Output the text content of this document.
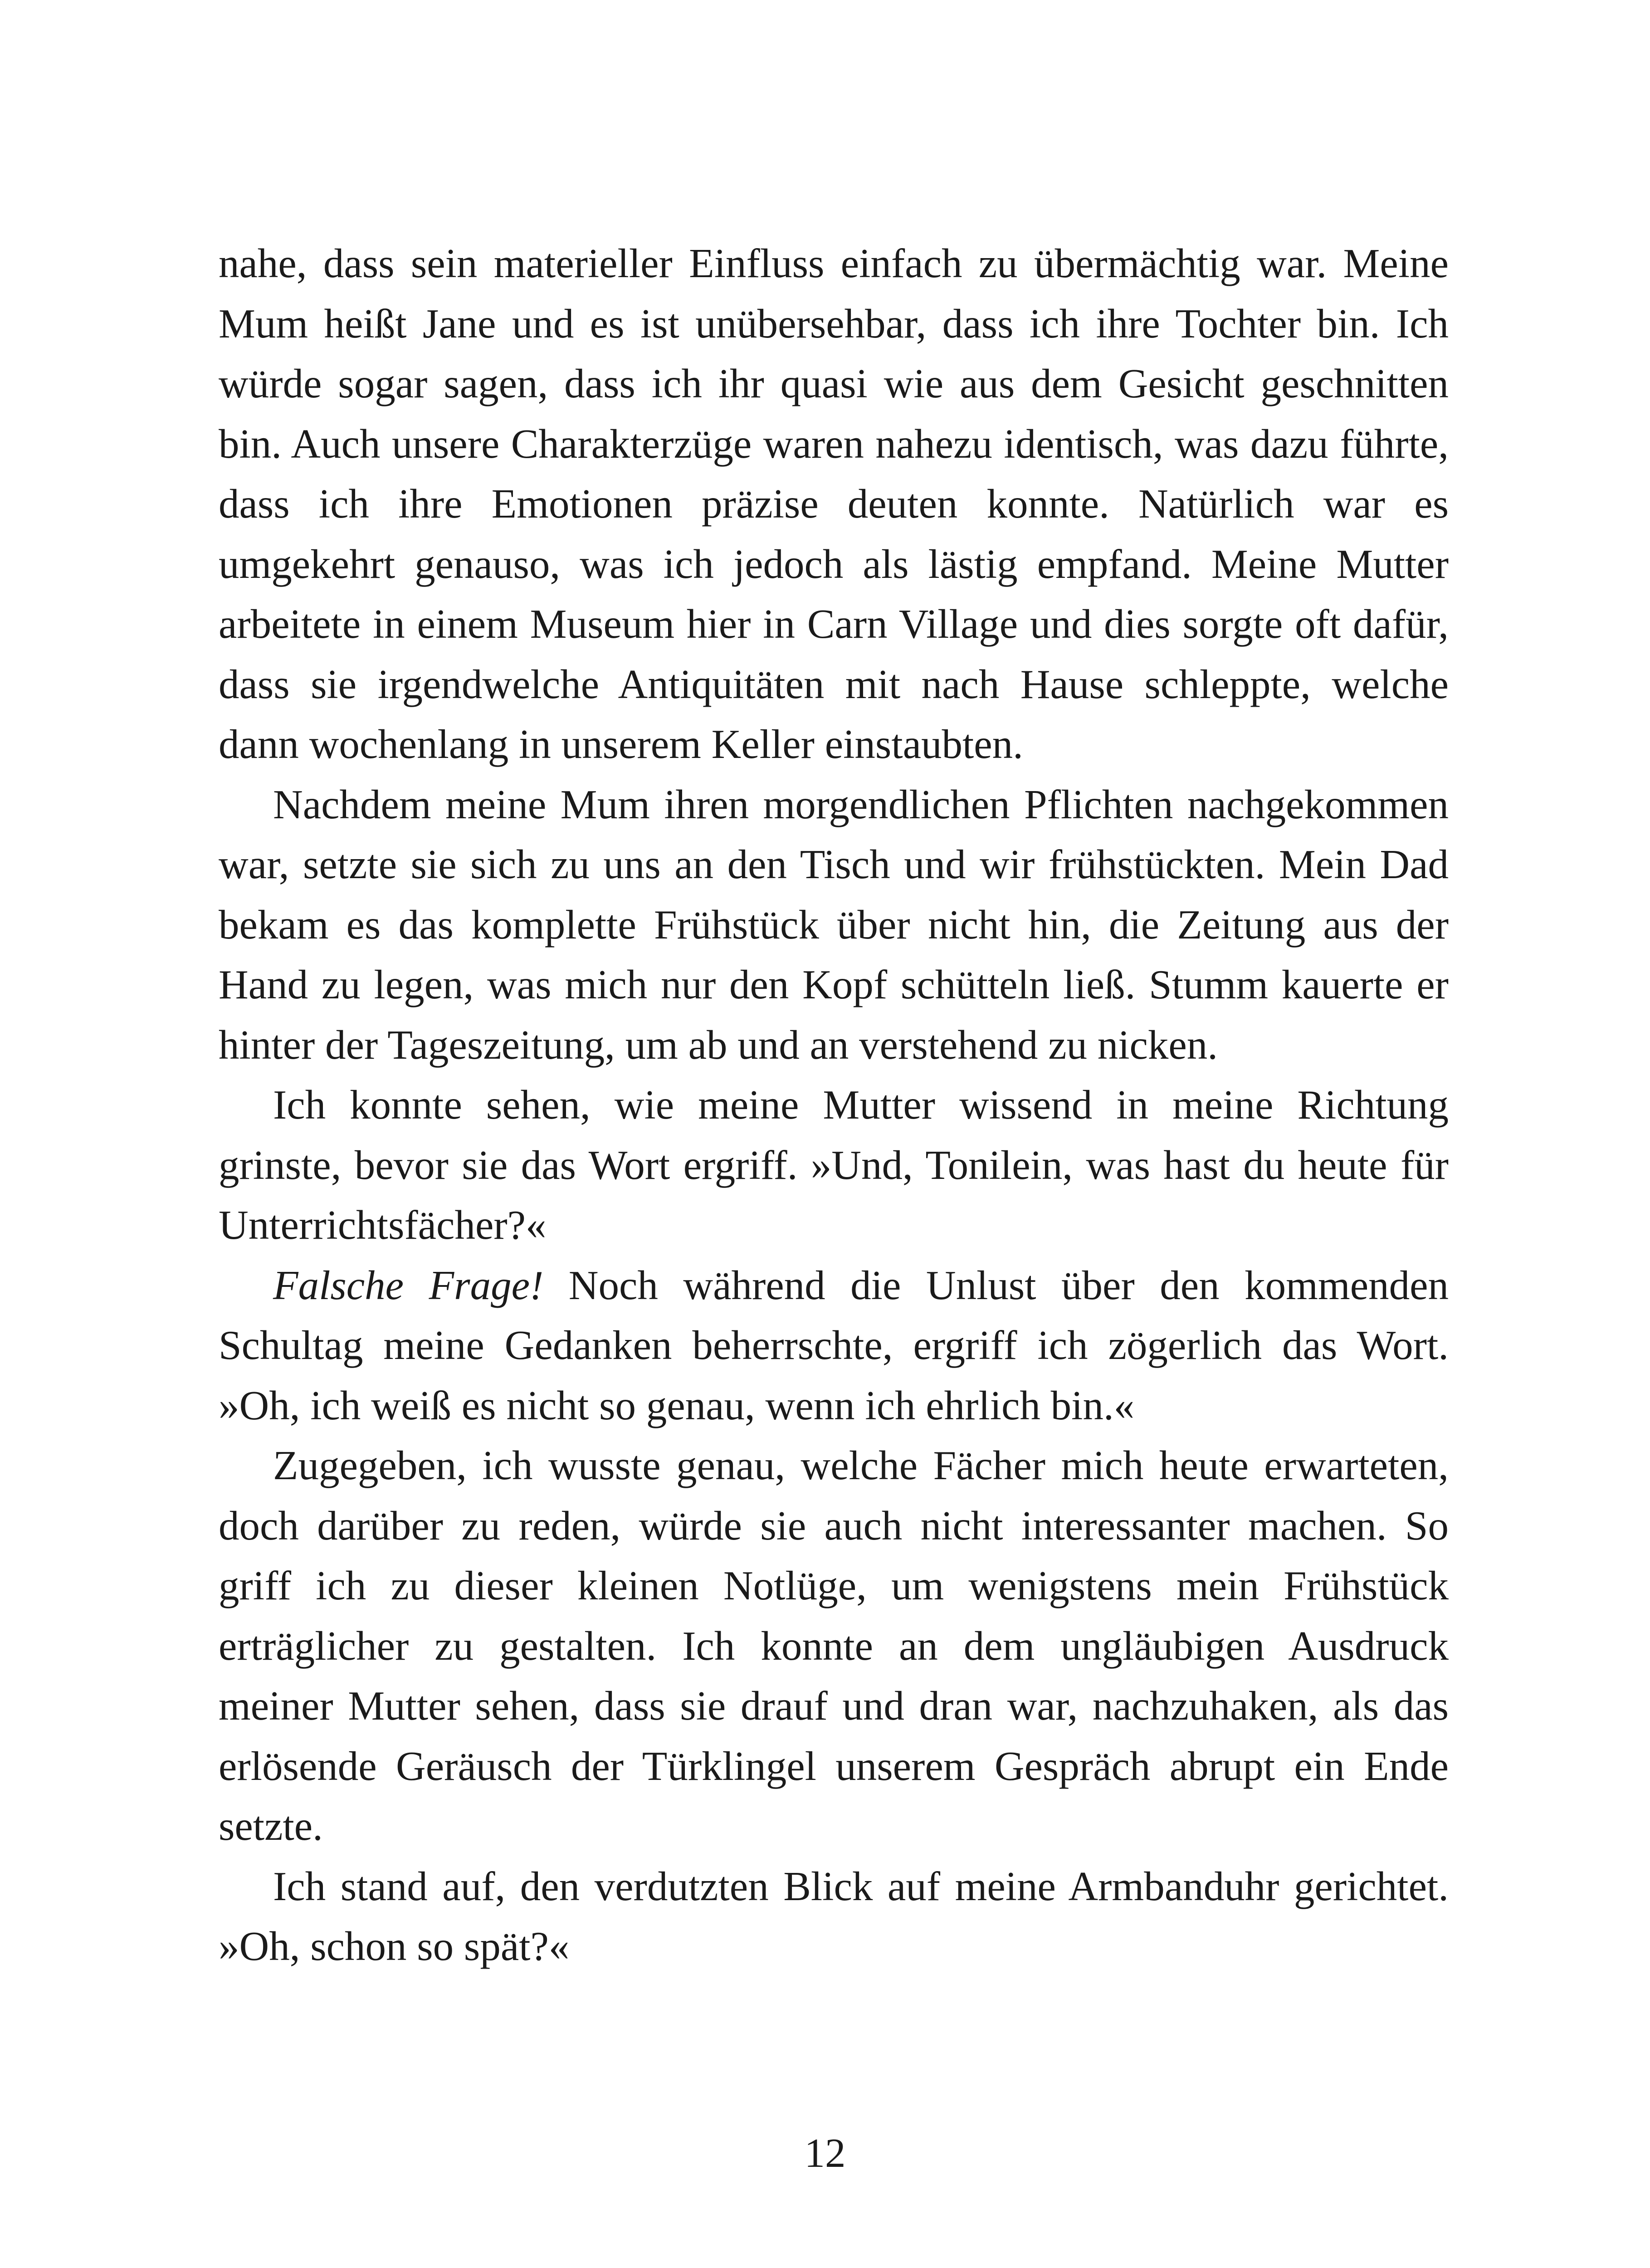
nahe, dass sein materieller Einfluss einfach zu übermächtig war. Meine Mum heißt Jane und es ist unübersehbar, dass ich ihre Tochter bin. Ich würde sogar sagen, dass ich ihr quasi wie aus dem Gesicht geschnitten bin. Auch unsere Charakterzüge waren nahezu identisch, was dazu führte, dass ich ihre Emotionen präzise deuten konnte. Natürlich war es umgekehrt genauso, was ich jedoch als lästig empfand. Meine Mutter arbeitete in einem Museum hier in Carn Village und dies sorgte oft dafür, dass sie irgendwelche Antiquitäten mit nach Hause schleppte, welche dann wochenlang in unserem Keller einstaubten.

Nachdem meine Mum ihren morgendlichen Pflichten nachgekommen war, setzte sie sich zu uns an den Tisch und wir frühstückten. Mein Dad bekam es das komplette Frühstück über nicht hin, die Zeitung aus der Hand zu legen, was mich nur den Kopf schütteln ließ. Stumm kauerte er hinter der Tageszeitung, um ab und an verstehend zu nicken.

Ich konnte sehen, wie meine Mutter wissend in meine Richtung grinste, bevor sie das Wort ergriff. »Und, Tonilein, was hast du heute für Unterrichtsfächer?«

Falsche Frage! Noch während die Unlust über den kommenden Schultag meine Gedanken beherrschte, ergriff ich zögerlich das Wort. »Oh, ich weiß es nicht so genau, wenn ich ehrlich bin.«

Zugegeben, ich wusste genau, welche Fächer mich heute erwarteten, doch darüber zu reden, würde sie auch nicht interessanter machen. So griff ich zu dieser kleinen Notlüge, um wenigstens mein Frühstück erträglicher zu gestalten. Ich konnte an dem ungläubigen Ausdruck meiner Mutter sehen, dass sie drauf und dran war, nachzuhaken, als das erlösende Geräusch der Türklingel unserem Gespräch abrupt ein Ende setzte.

Ich stand auf, den verdutzten Blick auf meine Armbanduhr gerichtet. »Oh, schon so spät?«

12
